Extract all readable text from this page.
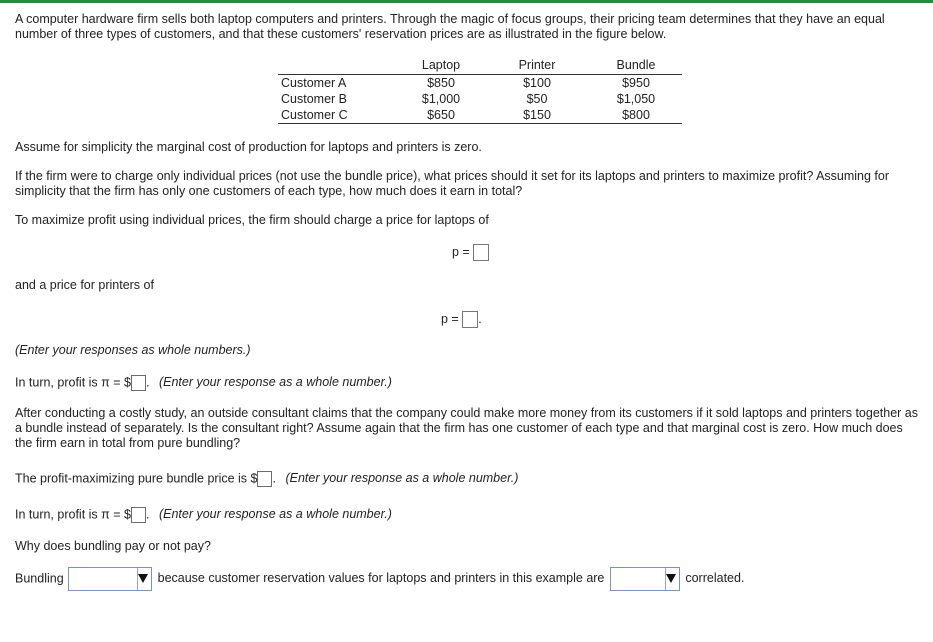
A computer hardware firm sells both laptop computers and printers. Through the magic of focus groups, their pricing team determines that they have an equal number of three types of customers, and that these customers' reservation prices are as illustrated in the figure below.
	Laptop	Printer	Bundle
Customer A	$850	$100	$950
Customer B	$1,000	$50	$1,050
Customer C	$650	$150	$800
Assume for simplicity the marginal cost of production for laptops and printers is zero.
If the firm were to charge only individual prices (not use the bundle price), what prices should it set for its laptops and printers to maximize profit? Assuming for simplicity that the firm has only one customers of each type, how much does it earn in total?
To maximize profit using individual prices, the firm should charge a price for laptops of
p =
and a price for printers of
p = .
(Enter your responses as whole numbers.)
In turn, profit is π = $ . (Enter your response as a whole number.)
After conducting a costly study, an outside consultant claims that the company could make more money from its customers if it sold laptops and printers together as a bundle instead of separately. Is the consultant right? Assume again that the firm has one customer of each type and that marginal cost is zero. How much does the firm earn in total from pure bundling?
The profit-maximizing pure bundle price is $ . (Enter your response as a whole number.)
In turn, profit is π = $ . (Enter your response as a whole number.)
Why does bundling pay or not pay?
Bundling	because customer reservation values for laptops and printers in this example are	correlated.
